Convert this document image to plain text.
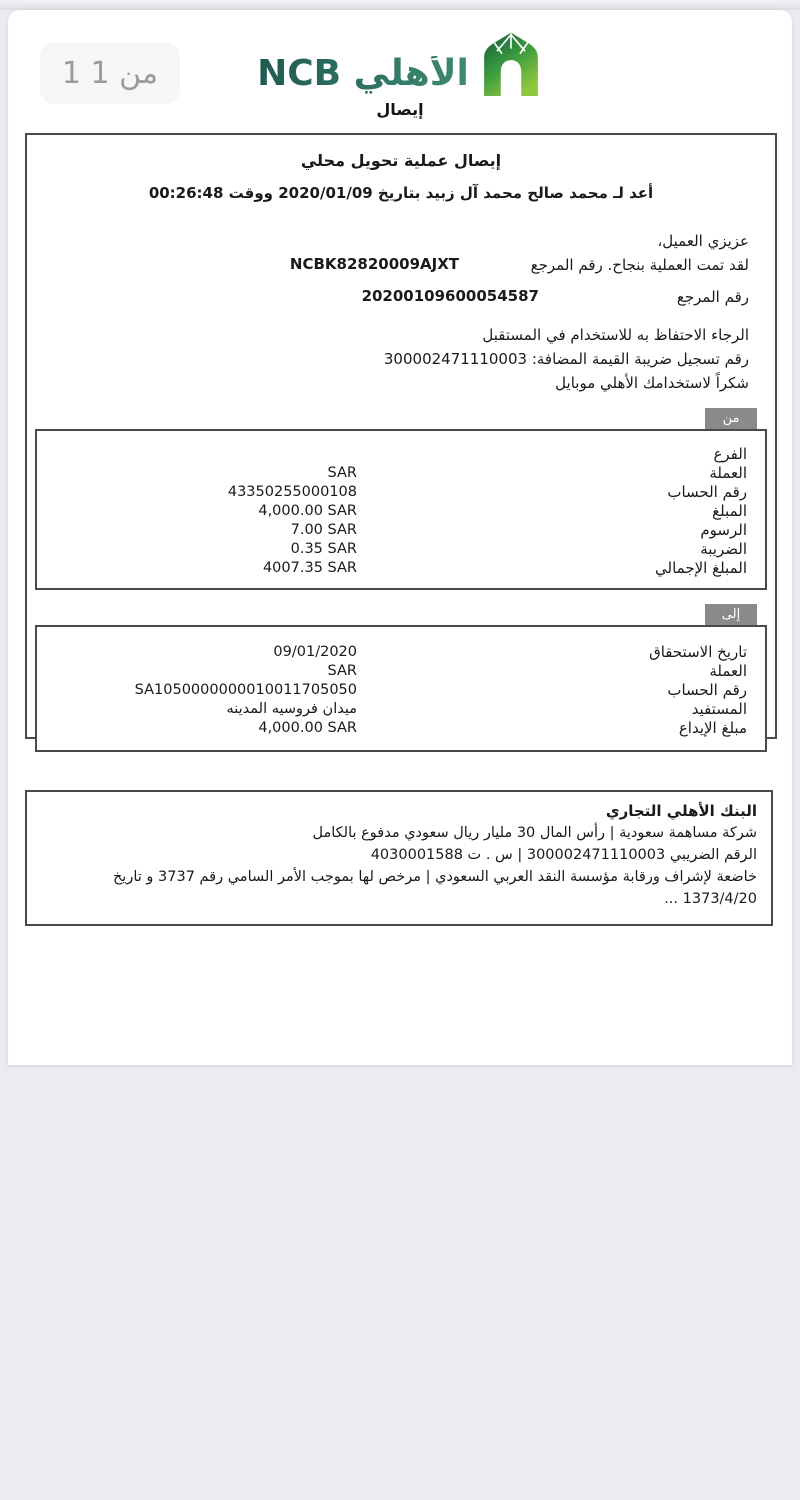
1 من 1	NCB الأهلي
إيصال
إيصال عملية تحويل محلي
أعد لـ محمد صالح محمد آل زبيد بتاريخ 2020/01/09 ووقت 00:26:48
عزيزي العميل،
لقد تمت العملية بنجاح. رقم المرجع
NCBK82820009AJXT
رقم المرجع
20200109600054587
الرجاء الاحتفاظ به للاستخدام في المستقبل
رقم تسجيل ضريبة القيمة المضافة: 300002471110003
شكراً لاستخدامك الأهلي موبايل
من
الفرع
العملة
SAR
رقم الحساب
43350255000108
المبلغ
4,000.00 SAR
الرسوم
7.00 SAR
الضريبة
0.35 SAR
المبلغ الإجمالي
4007.35 SAR
إلى
تاريخ الاستحقاق
09/01/2020
العملة
SAR
رقم الحساب
SA1050000000010011705050
المستفيد
ميدان فروسيه المدينه
مبلغ الإيداع
4,000.00 SAR
البنك الأهلي التجاري
شركة مساهمة سعودية | رأس المال 30 مليار ريال سعودي مدفوع بالكامل
الرقم الضريبي 300002471110003 | س . ت 4030001588
خاضعة لإشراف ورقابة مؤسسة النقد العربي السعودي | مرخص لها بموجب الأمر السامي رقم 3737 و تاريخ 1373/4/20 ...
